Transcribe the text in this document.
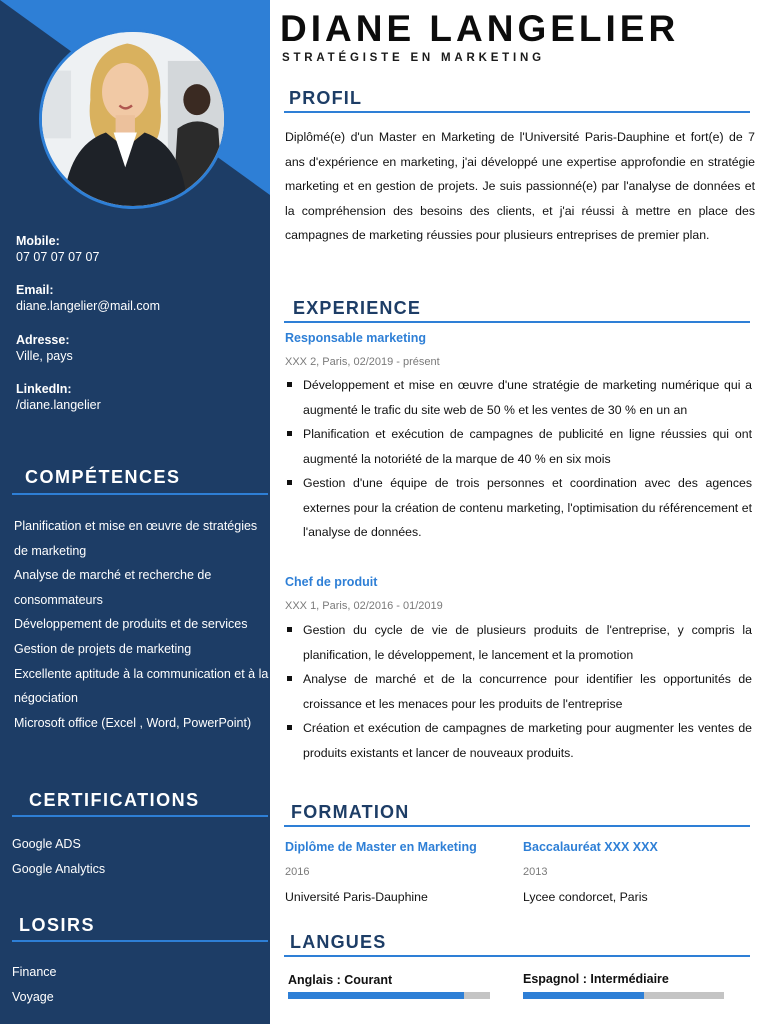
Mobile:
07 07 07 07 07
Email:
diane.langelier@mail.com
Adresse:
Ville, pays
LinkedIn:
/diane.langelier
COMPÉTENCES
Planification et mise en œuvre de stratégies de marketing
Analyse de marché et recherche de consommateurs
Développement de produits et de services
Gestion de projets de marketing
Excellente aptitude à la communication et à la négociation
Microsoft office (Excel , Word, PowerPoint)
CERTIFICATIONS
Google ADS
Google Analytics
LOSIRS
Finance
Voyage
DIANE LANGELIER
STRATÉGISTE EN MARKETING
PROFIL
Diplômé(e) d'un Master en Marketing de l'Université Paris-Dauphine et fort(e) de 7 ans d'expérience en marketing, j'ai développé une expertise approfondie en stratégie marketing et en gestion de projets. Je suis passionné(e) par l'analyse de données et la compréhension des besoins des clients, et j'ai réussi à mettre en place des campagnes de marketing réussies pour plusieurs entreprises de premier plan.
EXPERIENCE
Responsable marketing
XXX 2, Paris, 02/2019 - présent
Développement et mise en œuvre d'une stratégie de marketing numérique qui a augmenté le trafic du site web de 50 % et les ventes de 30 % en un an
Planification et exécution de campagnes de publicité en ligne réussies qui ont augmenté la notoriété de la marque de 40 % en six mois
Gestion d'une équipe de trois personnes et coordination avec des agences externes pour la création de contenu marketing, l'optimisation du référencement et l'analyse de données.
Chef de produit
XXX 1, Paris, 02/2016 - 01/2019
Gestion du cycle de vie de plusieurs produits de l'entreprise, y compris la planification, le développement, le lancement et la promotion
Analyse de marché et de la concurrence pour identifier les opportunités de croissance et les menaces pour les produits de l'entreprise
Création et exécution de campagnes de marketing pour augmenter les ventes de produits existants et lancer de nouveaux produits.
FORMATION
Diplôme de Master en Marketing
2016
Université Paris-Dauphine
Baccalauréat XXX XXX
2013
Lycee condorcet, Paris
LANGUES
Anglais : Courant	Espagnol : Intermédiaire
